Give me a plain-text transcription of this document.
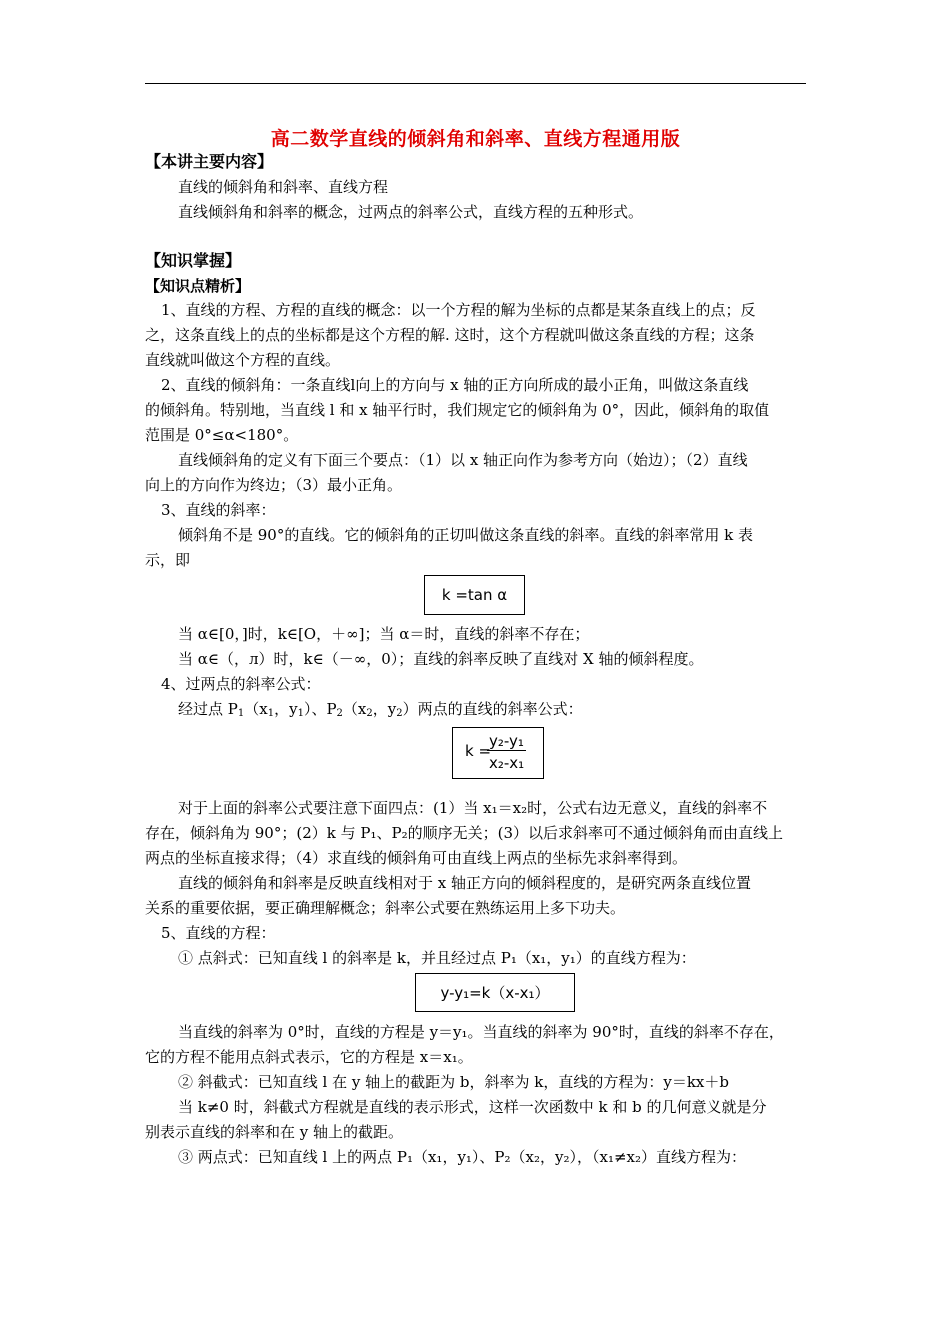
高二数学直线的倾斜角和斜率、直线方程通用版
【本讲主要内容】
直线的倾斜角和斜率、直线方程
直线倾斜角和斜率的概念，过两点的斜率公式，直线方程的五种形式。
【知识掌握】
【知识点精析】
1、直线的方程、方程的直线的概念：以一个方程的解为坐标的点都是某条直线上的点；反
之，这条直线上的点的坐标都是这个方程的解. 这时，这个方程就叫做这条直线的方程；这条
直线就叫做这个方程的直线。
2、直线的倾斜角：一条直线l向上的方向与 x 轴的正方向所成的最小正角，叫做这条直线
的倾斜角。特别地，当直线 l 和 x 轴平行时，我们规定它的倾斜角为 0°，因此，倾斜角的取值
范围是 0°≤α<180°。
直线倾斜角的定义有下面三个要点：（1）以 x 轴正向作为参考方向（始边）；（2）直线
向上的方向作为终边；（3）最小正角。
3、直线的斜率：
倾斜角不是 90°的直线。它的倾斜角的正切叫做这条直线的斜率。直线的斜率常用 k 表
示，即
k =tan α
当 α∈[0，]时，k∈[O，＋∞]；当 α＝时，直线的斜率不存在；
当 α∈（，л）时，k∈（－∞，0）；直线的斜率反映了直线对 X 轴的倾斜程度。
4、过两点的斜率公式：
经过点 $P_1(x_1$，$y_1$）、$P_2(x_2$，$y_2$）两点的直线的斜率公式：
k =
y₂-y₁
x₂-x₁
对于上面的斜率公式要注意下面四点：(1）当 x₁＝x₂时，公式右边无意义，直线的斜率不
存在，倾斜角为 90°；(2）k 与 P₁、P₂的顺序无关；(3）以后求斜率可不通过倾斜角而由直线上
两点的坐标直接求得；（4）求直线的倾斜角可由直线上两点的坐标先求斜率得到。
直线的倾斜角和斜率是反映直线相对于 x 轴正方向的倾斜程度的，是研究两条直线位置
关系的重要依据，要正确理解概念；斜率公式要在熟练运用上多下功夫。
5、直线的方程：
① 点斜式：已知直线 l 的斜率是 k，并且经过点 P₁（x₁，y₁）的直线方程为：
y-y₁=k（x-x₁）
当直线的斜率为 0°时，直线的方程是 y＝y₁。当直线的斜率为 90°时，直线的斜率不存在，
它的方程不能用点斜式表示，它的方程是 x＝x₁。
② 斜截式：已知直线 l 在 y 轴上的截距为 b，斜率为 k，直线的方程为：y＝kx＋b
当 k≠0 时，斜截式方程就是直线的表示形式，这样一次函数中 k 和 b 的几何意义就是分
别表示直线的斜率和在 y 轴上的截距。
③ 两点式：已知直线 l 上的两点 P₁（x₁，y₁）、P₂（x₂，y₂），（x₁≠x₂）直线方程为：
